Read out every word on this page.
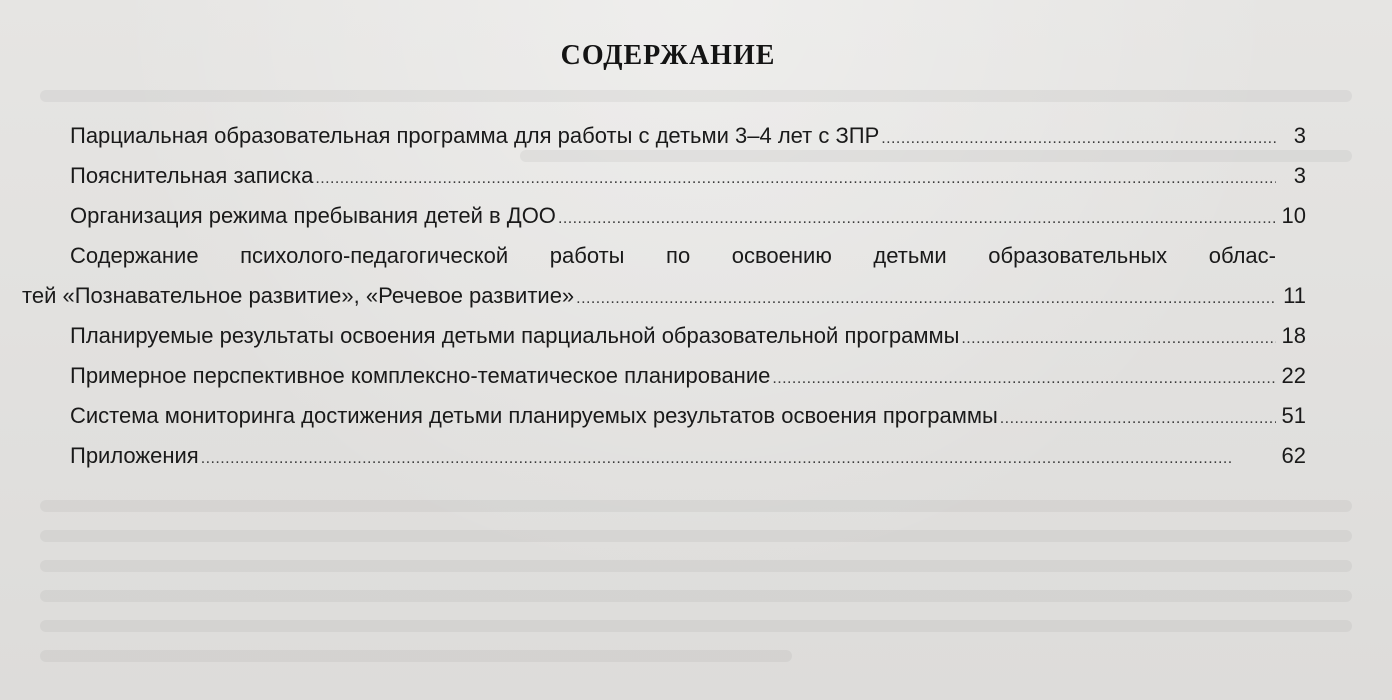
СОДЕРЖАНИЕ
Парциальная образовательная программа для работы с детьми 3–4 лет с ЗПР . . .	3
Пояснительная записка . . .	3
Организация режима пребывания детей в ДОО . . .	10
Содержание психолого-педагогической работы по освоению детьми образовательных облас-
тей «Познавательное развитие», «Речевое развитие» . . .	11
Планируемые результаты освоения детьми парциальной образовательной программы . . .	18
Примерное перспективное комплексно-тематическое планирование . . .	22
Система мониторинга достижения детьми планируемых результатов освоения программы . . .	51
Приложения . . .	62
